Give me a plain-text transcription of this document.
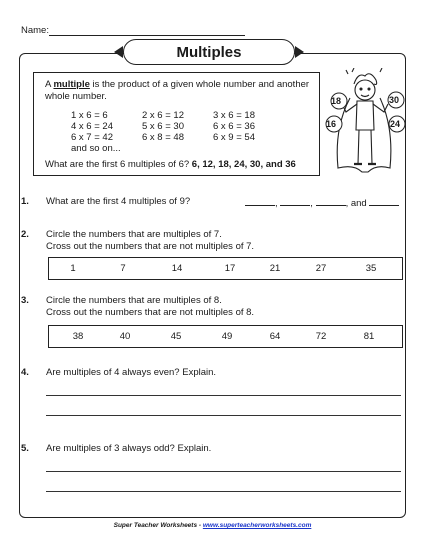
Name:
Multiples
A multiple is the product of a given whole number and another whole number.
1 x 6 = 6	2 x 6 = 12	3 x 6 = 18
4 x 6 = 24	5 x 6 = 30	6 x 6 = 36
6 x 7 = 42	6 x 8 = 48	6 x 9 = 54
and so on...
What are the first 6 multiples of 6? 6, 12, 18, 24, 30, and 36
18	30
16	24
1. What are the first 4 multiples of 9?	,	,	, and
2. Circle the numbers that are multiples of 7.
Cross out the numbers that are not multiples of 7.
1	7	14	17	21	27	35
3. Circle the numbers that are multiples of 8.
Cross out the numbers that are not multiples of 8.
38	40	45	49	64	72	81
4. Are multiples of 4 always even? Explain.
5. Are multiples of 3 always odd? Explain.
Super Teacher Worksheets - www.superteacherworksheets.com
